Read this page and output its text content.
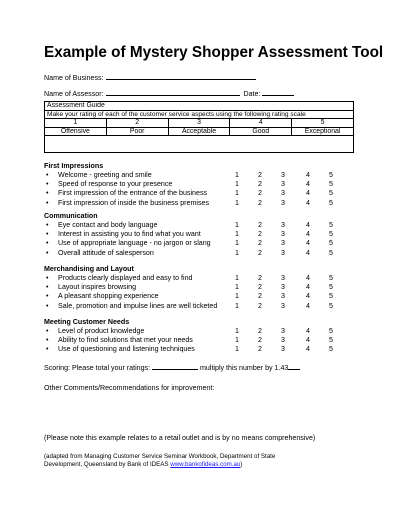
Example of Mystery Shopper Assessment Tool
Name of Business:
Name of Assessor:	Date:
Assessment Guide				
Make your rating of each of the customer service aspects using the following rating scale				
1	2	3	4	5
Offensive	Poor	Acceptable	Good	Exceptional

First Impressions
• Welcome - greeting and smile	1	2	3	4	5
• Speed of response to your presence	1	2	3	4	5
• First impression of the entrance of the business	1	2	3	4	5
• First impression of inside the business premises	1	2	3	4	5
Communication
• Eye contact and body language	1	2	3	4	5
• Interest in assisting you to find what you want	1	2	3	4	5
• Use of appropriate language - no jargon or slang	1	2	3	4	5
• Overall attitude of salesperson	1	2	3	4	5
Merchandising and Layout
• Products clearly displayed and easy to find	1	2	3	4	5
• Layout inspires browsing	1	2	3	4	5
• A pleasant shopping experience	1	2	3	4	5
• Sale, promotion and impulse lines are well ticketed	1	2	3	4	5
Meeting Customer Needs
• Level of product knowledge	1	2	3	4	5
• Ability to find solutions that met your needs	1	2	3	4	5
• Use of questioning and listening techniques	1	2	3	4	5
Scoring: Please total your ratings:	multiply this number by 1.43
Other Comments/Recommendations for improvement:
(Please note this example relates to a retail outlet and is by no means comprehensive)
(adapted from Managing Customer Service Seminar Workbook, Department of State
Development, Queensland by Bank of IDEAS www.bankofideas.com.au)
